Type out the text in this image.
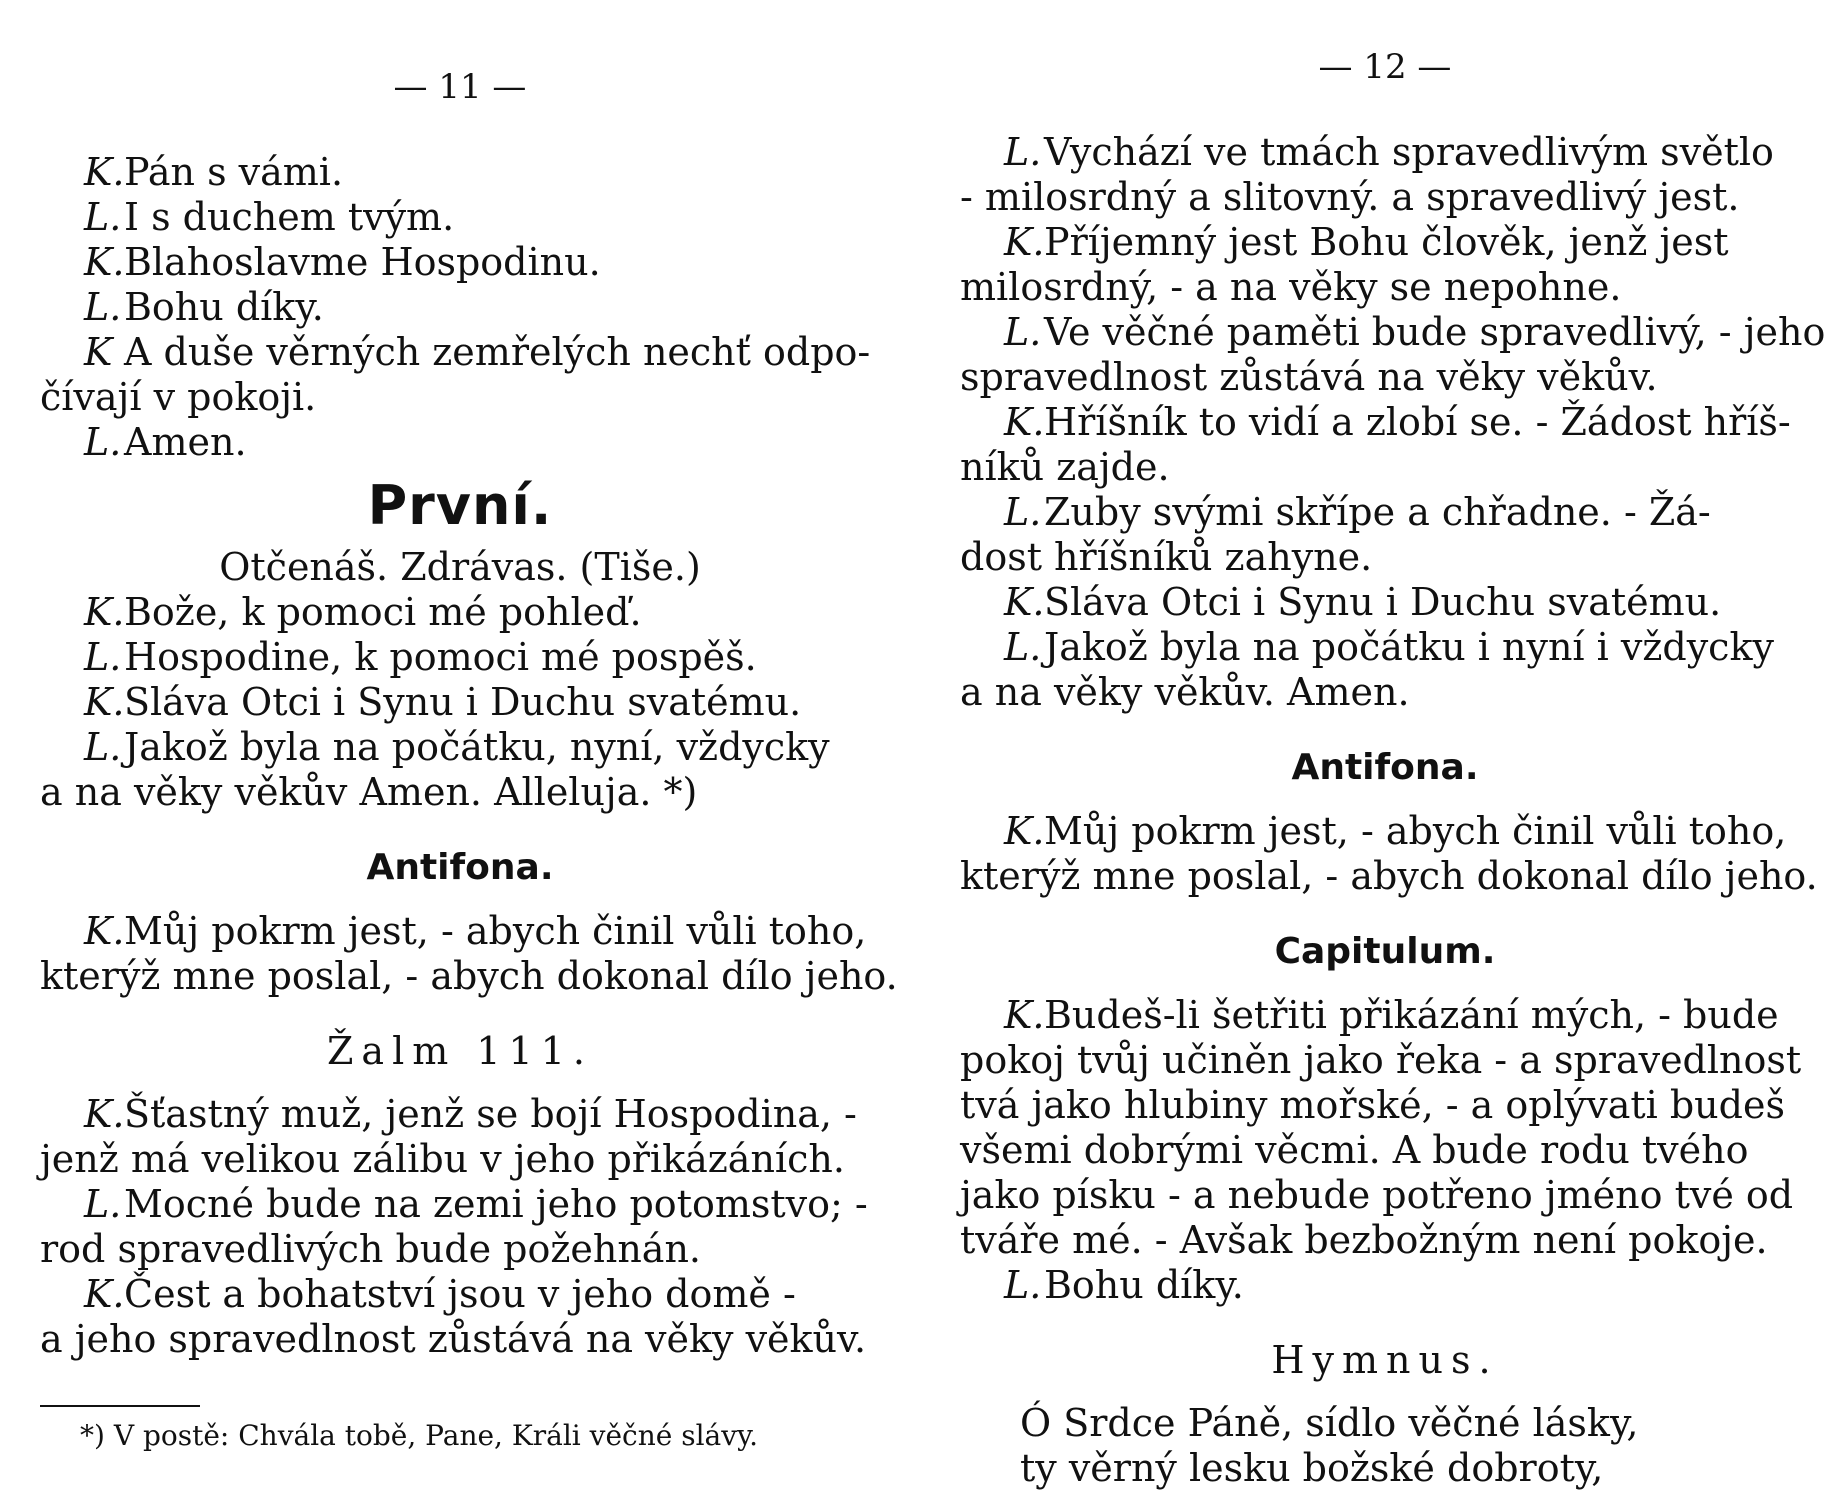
— 11 —
K.Pán s vámi.
L.I s duchem tvým.
K.Blahoslavme Hospodinu.
L.Bohu díky.
K A duše věrných zemřelých nechť odpo-
čívají v pokoji.
L.Amen.
První.
Otčenáš. Zdrávas. (Tiše.)
K.Bože, k pomoci mé pohleď.
L.Hospodine, k pomoci mé pospěš.
K.Sláva Otci i Synu i Duchu svatému.
L.Jakož byla na počátku, nyní, vždycky
a na věky věkův Amen. Alleluja. *)
Antifona.
K.Můj pokrm jest, - abych činil vůli toho,
kterýž mne poslal, - abych dokonal dílo jeho.
Žalm 111.
K.Šťastný muž, jenž se bojí Hospodina, -
jenž má velikou zálibu v jeho přikázáních.
L.Mocné bude na zemi jeho potomstvo; -
rod spravedlivých bude požehnán.
K.Čest a bohatství jsou v jeho domě -
a jeho spravedlnost zůstává na věky věkův.
*) V postě: Chvála tobě, Pane, Králi věčné slávy.
— 12 —
L.Vychází ve tmách spravedlivým světlo
- milosrdný a slitovný. a spravedlivý jest.
K.Příjemný jest Bohu člověk, jenž jest
milosrdný, - a na věky se nepohne.
L.Ve věčné paměti bude spravedlivý, - jeho
spravedlnost zůstává na věky věkův.
K.Hříšník to vidí a zlobí se. - Žádost hříš-
níků zajde.
L.Zuby svými skřípe a chřadne. - Žá-
dost hříšníků zahyne.
K.Sláva Otci i Synu i Duchu svatému.
L.Jakož byla na počátku i nyní i vždycky
a na věky věkův. Amen.
Antifona.
K.Můj pokrm jest, - abych činil vůli toho,
kterýž mne poslal, - abych dokonal dílo jeho.
Capitulum.
K.Budeš-li šetřiti přikázání mých, - bude
pokoj tvůj učiněn jako řeka - a spravedlnost
tvá jako hlubiny mořské, - a oplývati budeš
všemi dobrými věcmi. A bude rodu tvého
jako písku - a nebude potřeno jméno tvé od
tváře mé. - Avšak bezbožným není pokoje.
L.Bohu díky.
Hymnus.
Ó Srdce Páně, sídlo věčné lásky,
ty věrný lesku božské dobroty,
